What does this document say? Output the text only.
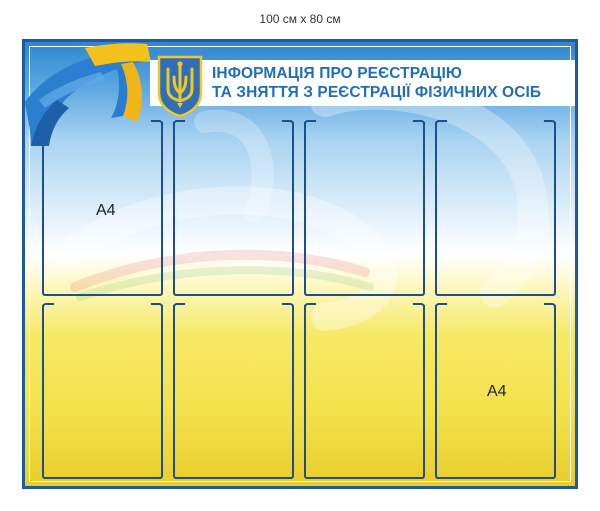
100 см х 80 см
ІНФОРМАЦІЯ ПРО РЕЄСТРАЦІЮ
ТА ЗНЯТТЯ З РЕЄСТРАЦІЇ ФІЗИЧНИХ ОСІБ
A4
A4
